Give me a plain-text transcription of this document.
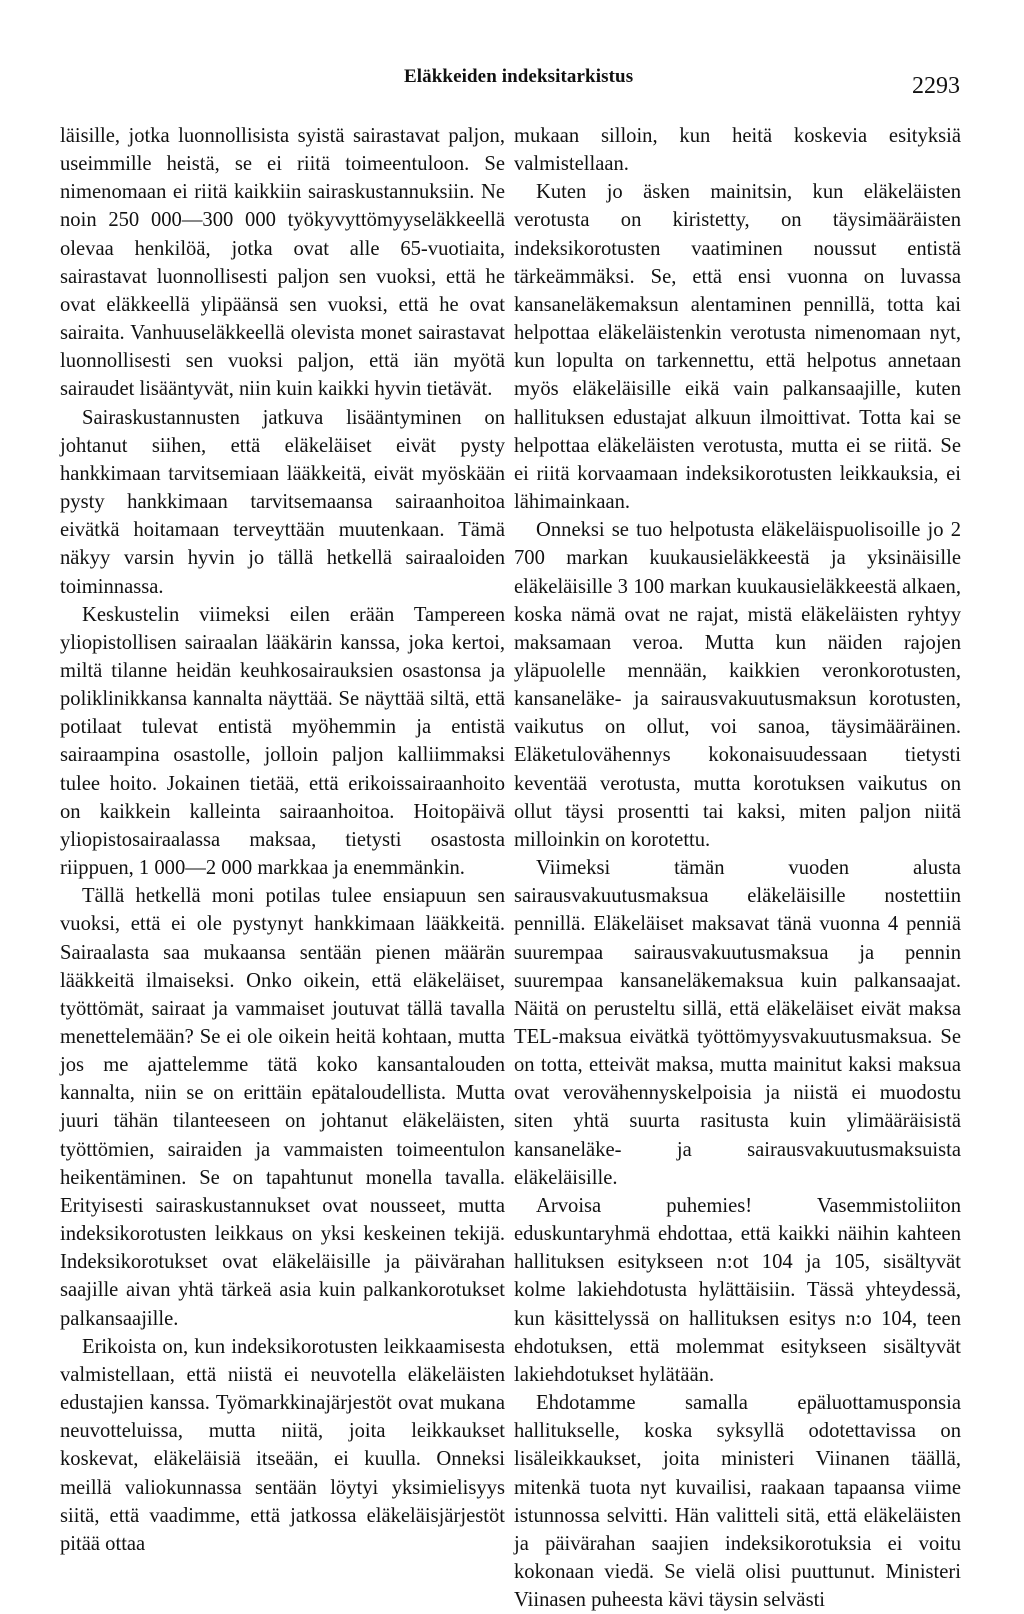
Eläkkeiden indeksitarkistus	2293

läisille, jotka luonnollisista syistä sairastavat paljon, useimmille heistä, se ei riitä toimeentuloon. Se nimenomaan ei riitä kaikkiin sairaskustannuksiin. Ne noin 250 000—300 000 työkyvyttömyyseläkkeellä olevaa henkilöä, jotka ovat alle 65-vuotiaita, sairastavat luonnollisesti paljon sen vuoksi, että he ovat eläkkeellä ylipäänsä sen vuoksi, että he ovat sairaita. Vanhuuseläkkeellä olevista monet sairastavat luonnollisesti sen vuoksi paljon, että iän myötä sairaudet lisääntyvät, niin kuin kaikki hyvin tietävät.

Sairaskustannusten jatkuva lisääntyminen on johtanut siihen, että eläkeläiset eivät pysty hankkimaan tarvitsemiaan lääkkeitä, eivät myöskään pysty hankkimaan tarvitsemaansa sairaanhoitoa eivätkä hoitamaan terveyttään muutenkaan. Tämä näkyy varsin hyvin jo tällä hetkellä sairaaloiden toiminnassa.

Keskustelin viimeksi eilen erään Tampereen yliopistollisen sairaalan lääkärin kanssa, joka kertoi, miltä tilanne heidän keuhkosairauksien osastonsa ja poliklinikkansa kannalta näyttää. Se näyttää siltä, että potilaat tulevat entistä myöhemmin ja entistä sairaampina osastolle, jolloin paljon kalliimmaksi tulee hoito. Jokainen tietää, että erikoissairaanhoito on kaikkein kalleinta sairaanhoitoa. Hoitopäivä yliopistosairaalassa maksaa, tietysti osastosta riippuen, 1 000—2 000 markkaa ja enemmänkin.

Tällä hetkellä moni potilas tulee ensiapuun sen vuoksi, että ei ole pystynyt hankkimaan lääkkeitä. Sairaalasta saa mukaansa sentään pienen määrän lääkkeitä ilmaiseksi. Onko oikein, että eläkeläiset, työttömät, sairaat ja vammaiset joutuvat tällä tavalla menettelemään? Se ei ole oikein heitä kohtaan, mutta jos me ajattelemme tätä koko kansantalouden kannalta, niin se on erittäin epätaloudellista. Mutta juuri tähän tilanteeseen on johtanut eläkeläisten, työttömien, sairaiden ja vammaisten toimeentulon heikentäminen. Se on tapahtunut monella tavalla. Erityisesti sairaskustannukset ovat nousseet, mutta indeksikorotusten leikkaus on yksi keskeinen tekijä. Indeksikorotukset ovat eläkeläisille ja päivärahan saajille aivan yhtä tärkeä asia kuin palkankorotukset palkansaajille.

Erikoista on, kun indeksikorotusten leikkaamisesta valmistellaan, että niistä ei neuvotella eläkeläisten edustajien kanssa. Työmarkkinajärjestöt ovat mukana neuvotteluissa, mutta niitä, joita leikkaukset koskevat, eläkeläisiä itseään, ei kuulla. Onneksi meillä valiokunnassa sentään löytyi yksimielisyys siitä, että vaadimme, että jatkossa eläkeläisjärjestöt pitää ottaa

mukaan silloin, kun heitä koskevia esityksiä valmistellaan.

Kuten jo äsken mainitsin, kun eläkeläisten verotusta on kiristetty, on täysimääräisten indeksikorotusten vaatiminen noussut entistä tärkeämmäksi. Se, että ensi vuonna on luvassa kansaneläkemaksun alentaminen pennillä, totta kai helpottaa eläkeläistenkin verotusta nimenomaan nyt, kun lopulta on tarkennettu, että helpotus annetaan myös eläkeläisille eikä vain palkansaajille, kuten hallituksen edustajat alkuun ilmoittivat. Totta kai se helpottaa eläkeläisten verotusta, mutta ei se riitä. Se ei riitä korvaamaan indeksikorotusten leikkauksia, ei lähimainkaan.

Onneksi se tuo helpotusta eläkeläispuolisoille jo 2 700 markan kuukausieläkkeestä ja yksinäisille eläkeläisille 3 100 markan kuukausieläkkeestä alkaen, koska nämä ovat ne rajat, mistä eläkeläisten ryhtyy maksamaan veroa. Mutta kun näiden rajojen yläpuolelle mennään, kaikkien veronkorotusten, kansaneläke- ja sairausvakuutusmaksun korotusten, vaikutus on ollut, voi sanoa, täysimääräinen. Eläketulovähennys kokonaisuudessaan tietysti keventää verotusta, mutta korotuksen vaikutus on ollut täysi prosentti tai kaksi, miten paljon niitä milloinkin on korotettu.

Viimeksi tämän vuoden alusta sairausvakuutusmaksua eläkeläisille nostettiin pennillä. Eläkeläiset maksavat tänä vuonna 4 penniä suurempaa sairausvakuutusmaksua ja pennin suurempaa kansaneläkemaksua kuin palkansaajat. Näitä on perusteltu sillä, että eläkeläiset eivät maksa TEL-maksua eivätkä työttömyysvakuutusmaksua. Se on totta, etteivät maksa, mutta mainitut kaksi maksua ovat verovähennyskelpoisia ja niistä ei muodostu siten yhtä suurta rasitusta kuin ylimääräisistä kansaneläke- ja sairausvakuutusmaksuista eläkeläisille.

Arvoisa puhemies! Vasemmistoliiton eduskuntaryhmä ehdottaa, että kaikki näihin kahteen hallituksen esitykseen n:ot 104 ja 105, sisältyvät kolme lakiehdotusta hylättäisiin. Tässä yhteydessä, kun käsittelyssä on hallituksen esitys n:o 104, teen ehdotuksen, että molemmat esitykseen sisältyvät lakiehdotukset hylätään.

Ehdotamme samalla epäluottamusponsia hallitukselle, koska syksyllä odotettavissa on lisäleikkaukset, joita ministeri Viinanen täällä, mitenkä tuota nyt kuvailisi, raakaan tapaansa viime istunnossa selvitti. Hän valitteli sitä, että eläkeläisten ja päivärahan saajien indeksikorotuksia ei voitu kokonaan viedä. Se vielä olisi puuttunut. Ministeri Viinasen puheesta kävi täysin selvästi
